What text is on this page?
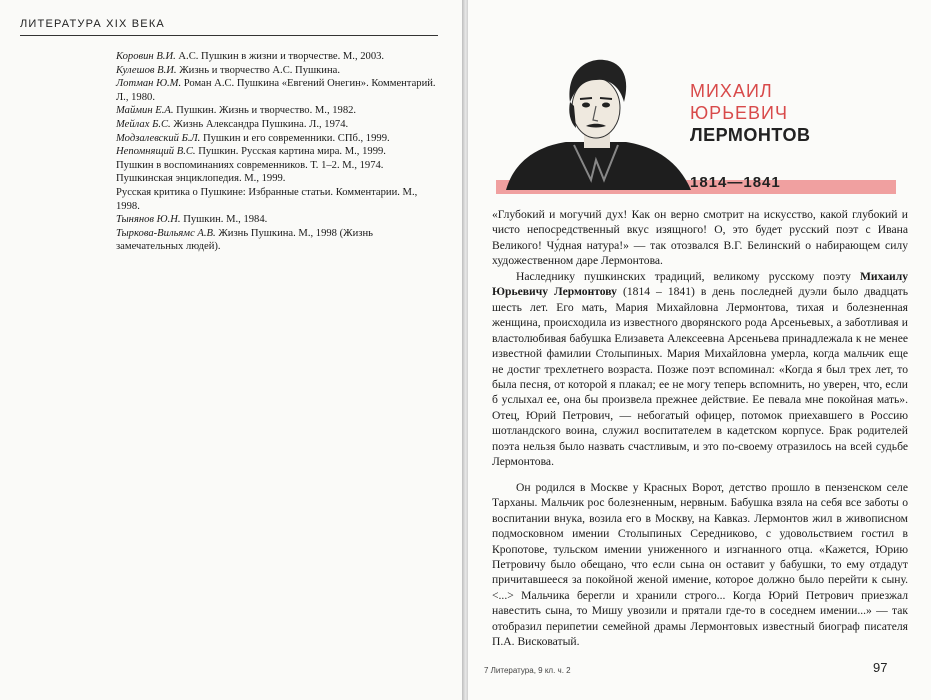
ЛИТЕРАТУРА XIX ВЕКА
Коровин В.И. А.С. Пушкин в жизни и творчестве. М., 2003.
Кулешов В.И. Жизнь и творчество А.С. Пушкина.
Лотман Ю.М. Роман А.С. Пушкина «Евгений Онегин». Комментарий. Л., 1980.
Маймин Е.А. Пушкин. Жизнь и творчество. М., 1982.
Мейлах Б.С. Жизнь Александра Пушкина. Л., 1974.
Модзалевский Б.Л. Пушкин и его современники. СПб., 1999.
Непомнящий В.С. Пушкин. Русская картина мира. М., 1999.
Пушкин в воспоминаниях современников. Т. 1–2. М., 1974.
Пушкинская энциклопедия. М., 1999.
Русская критика о Пушкине: Избранные статьи. Комментарии. М., 1998.
Тынянов Ю.Н. Пушкин. М., 1984.
Тыркова-Вильямс А.В. Жизнь Пушкина. М., 1998 (Жизнь замечательных людей).
МИХАИЛ
ЮРЬЕВИЧ
ЛЕРМОНТОВ
1814—1841

«Глубокий и могучий дух! Как он верно смотрит на искусство, какой глубокий и чисто непосредственный вкус изящного! О, это будет русский поэт с Ивана Великого! Чу́дная натура!» — так отозвался В.Г. Белинский о набирающем силу художественном даре Лермонтова.

Наследнику пушкинских традиций, великому русскому поэту Михаилу Юрьевичу Лермонтову (1814 – 1841) в день последней дуэли было двадцать шесть лет. Его мать, Мария Михайловна Лермонтова, тихая и болезненная женщина, происходила из известного дворянского рода Арсеньевых, а заботливая и властолюбивая бабушка Елизавета Алексеевна Арсеньева принадлежала к не менее известной фамилии Столыпиных. Мария Михайловна умерла, когда мальчик еще не достиг трехлетнего возраста. Позже поэт вспоминал: «Когда я был трех лет, то была песня, от которой я плакал; ее не могу теперь вспомнить, но уверен, что, если б услыхал ее, она бы произвела прежнее действие. Ее певала мне покойная мать». Отец, Юрий Петрович, — небогатый офицер, потомок приехавшего в Россию шотландского воина, служил воспитателем в кадетском корпусе. Брак родителей поэта нельзя было назвать счастливым, и это по-своему отразилось на всей судьбе Лермонтова.

Он родился в Москве у Красных Ворот, детство прошло в пензенском селе Тарханы. Мальчик рос болезненным, нервным. Бабушка взяла на себя все заботы о воспитании внука, возила его в Москву, на Кавказ. Лермонтов жил в живописном подмосковном имении Столыпиных Середниково, с удовольствием гостил в Кропотове, тульском имении униженного и изгнанного отца. «Кажется, Юрию Петровичу было обещано, что если сына он оставит у бабушки, то ему отдадут причитавшееся за покойной женой имение, которое должно было перейти к сыну. <...> Мальчика берегли и хранили строго... Когда Юрий Петрович приезжал навестить сына, то Мишу увозили и прятали где-то в соседнем имении...» — так отобразил перипетии семейной драмы Лермонтовых известный биограф писателя П.А. Висковатый.

7 Литература, 9 кл. ч. 2	97
